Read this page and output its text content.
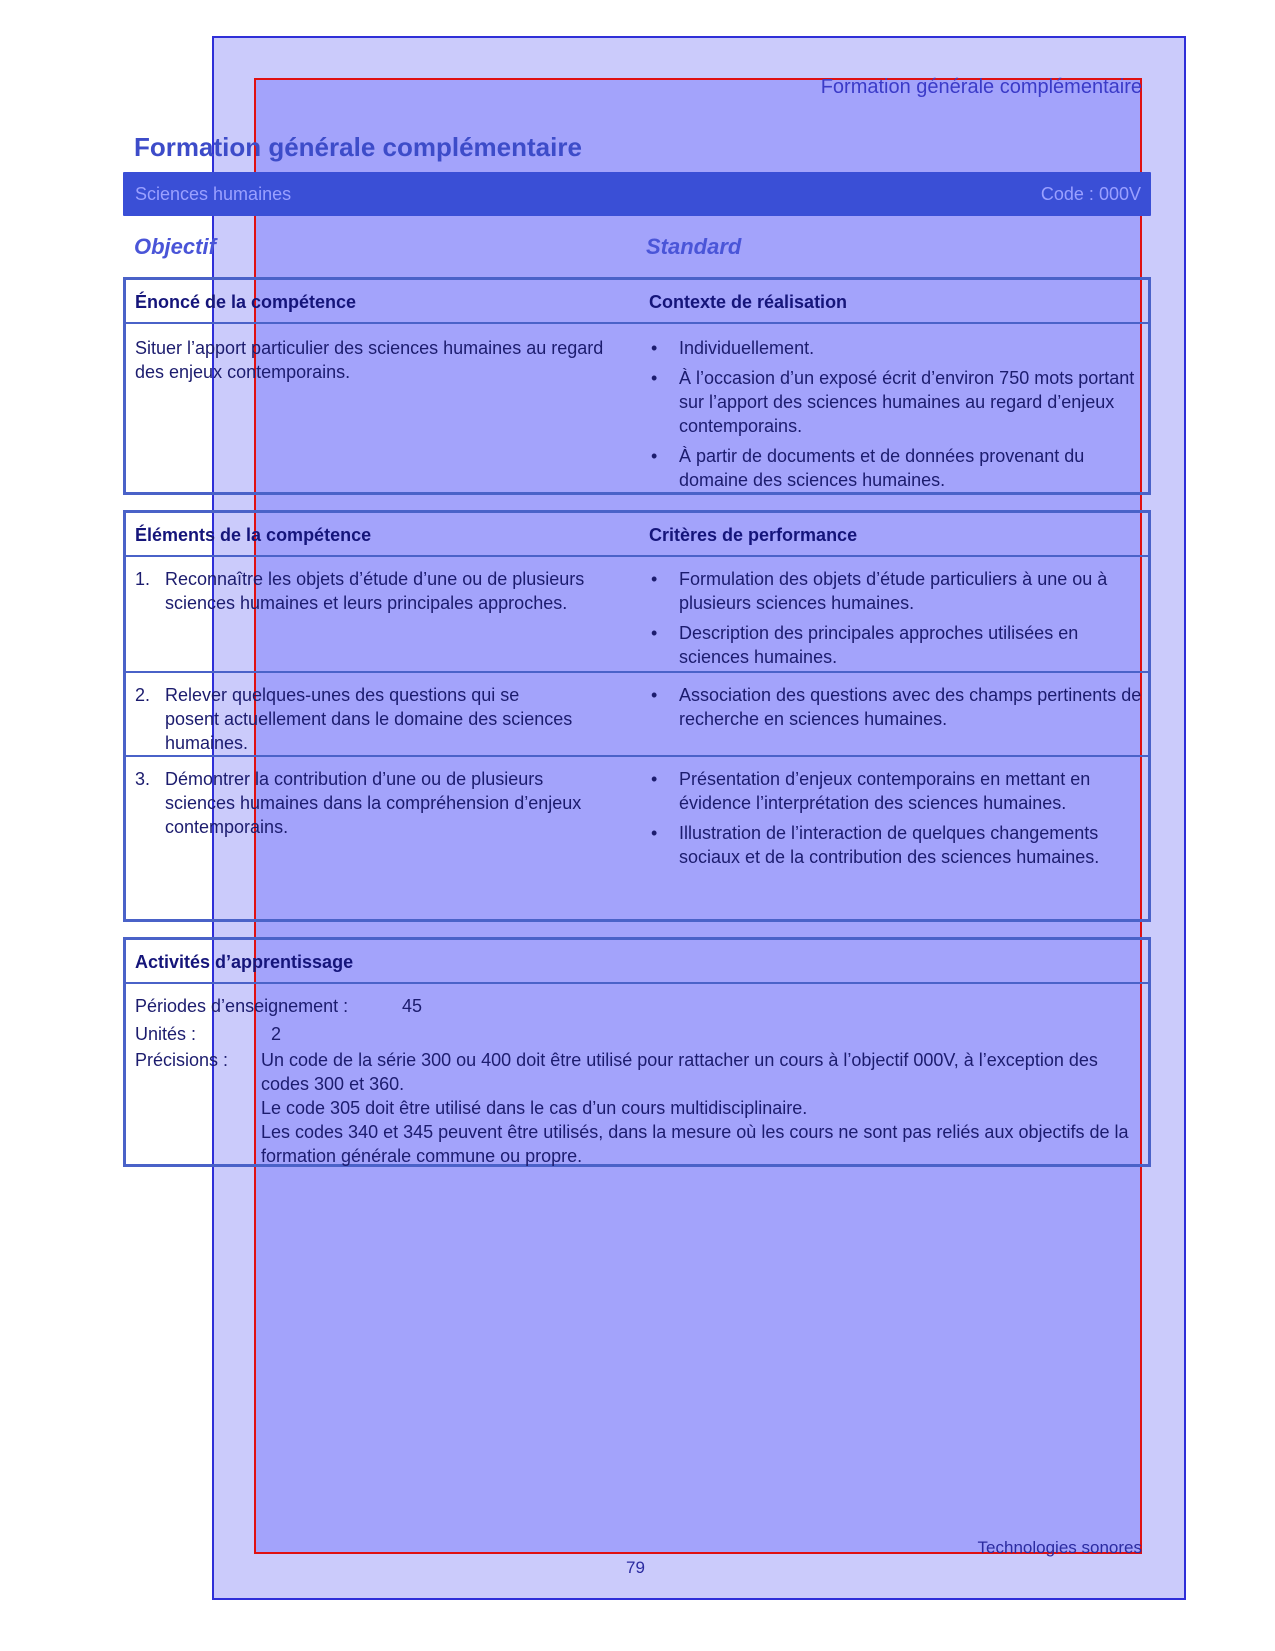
Formation générale complémentaire
Formation générale complémentaire
Sciences humaines	Code : 000V
Objectif	Standard
Énoncé de la compétence	Contexte de réalisation
Situer l’apport particulier des sciences humaines au regard des enjeux contemporains.
• Individuellement.
• À l’occasion d’un exposé écrit d’environ 750 mots portant sur l’apport des sciences humaines au regard d’enjeux contemporains.
• À partir de documents et de données provenant du domaine des sciences humaines.
Éléments de la compétence	Critères de performance
1. Reconnaître les objets d’étude d’une ou de plusieurs sciences humaines et leurs principales approches.
• Formulation des objets d’étude particuliers à une ou à plusieurs sciences humaines.
• Description des principales approches utilisées en sciences humaines.
2. Relever quelques-unes des questions qui se posent actuellement dans le domaine des sciences humaines.
• Association des questions avec des champs pertinents de recherche en sciences humaines.
3. Démontrer la contribution d’une ou de plusieurs sciences humaines dans la compréhension d’enjeux contemporains.
• Présentation d’enjeux contemporains en mettant en évidence l’interprétation des sciences humaines.
• Illustration de l’interaction de quelques changements sociaux et de la contribution des sciences humaines.
Activités d’apprentissage
Périodes d’enseignement :	45
Unités :	2
Précisions : Un code de la série 300 ou 400 doit être utilisé pour rattacher un cours à l’objectif 000V, à l’exception des codes 300 et 360.
Le code 305 doit être utilisé dans le cas d’un cours multidisciplinaire.
Les codes 340 et 345 peuvent être utilisés, dans la mesure où les cours ne sont pas reliés aux objectifs de la formation générale commune ou propre.
Technologies sonores
79
